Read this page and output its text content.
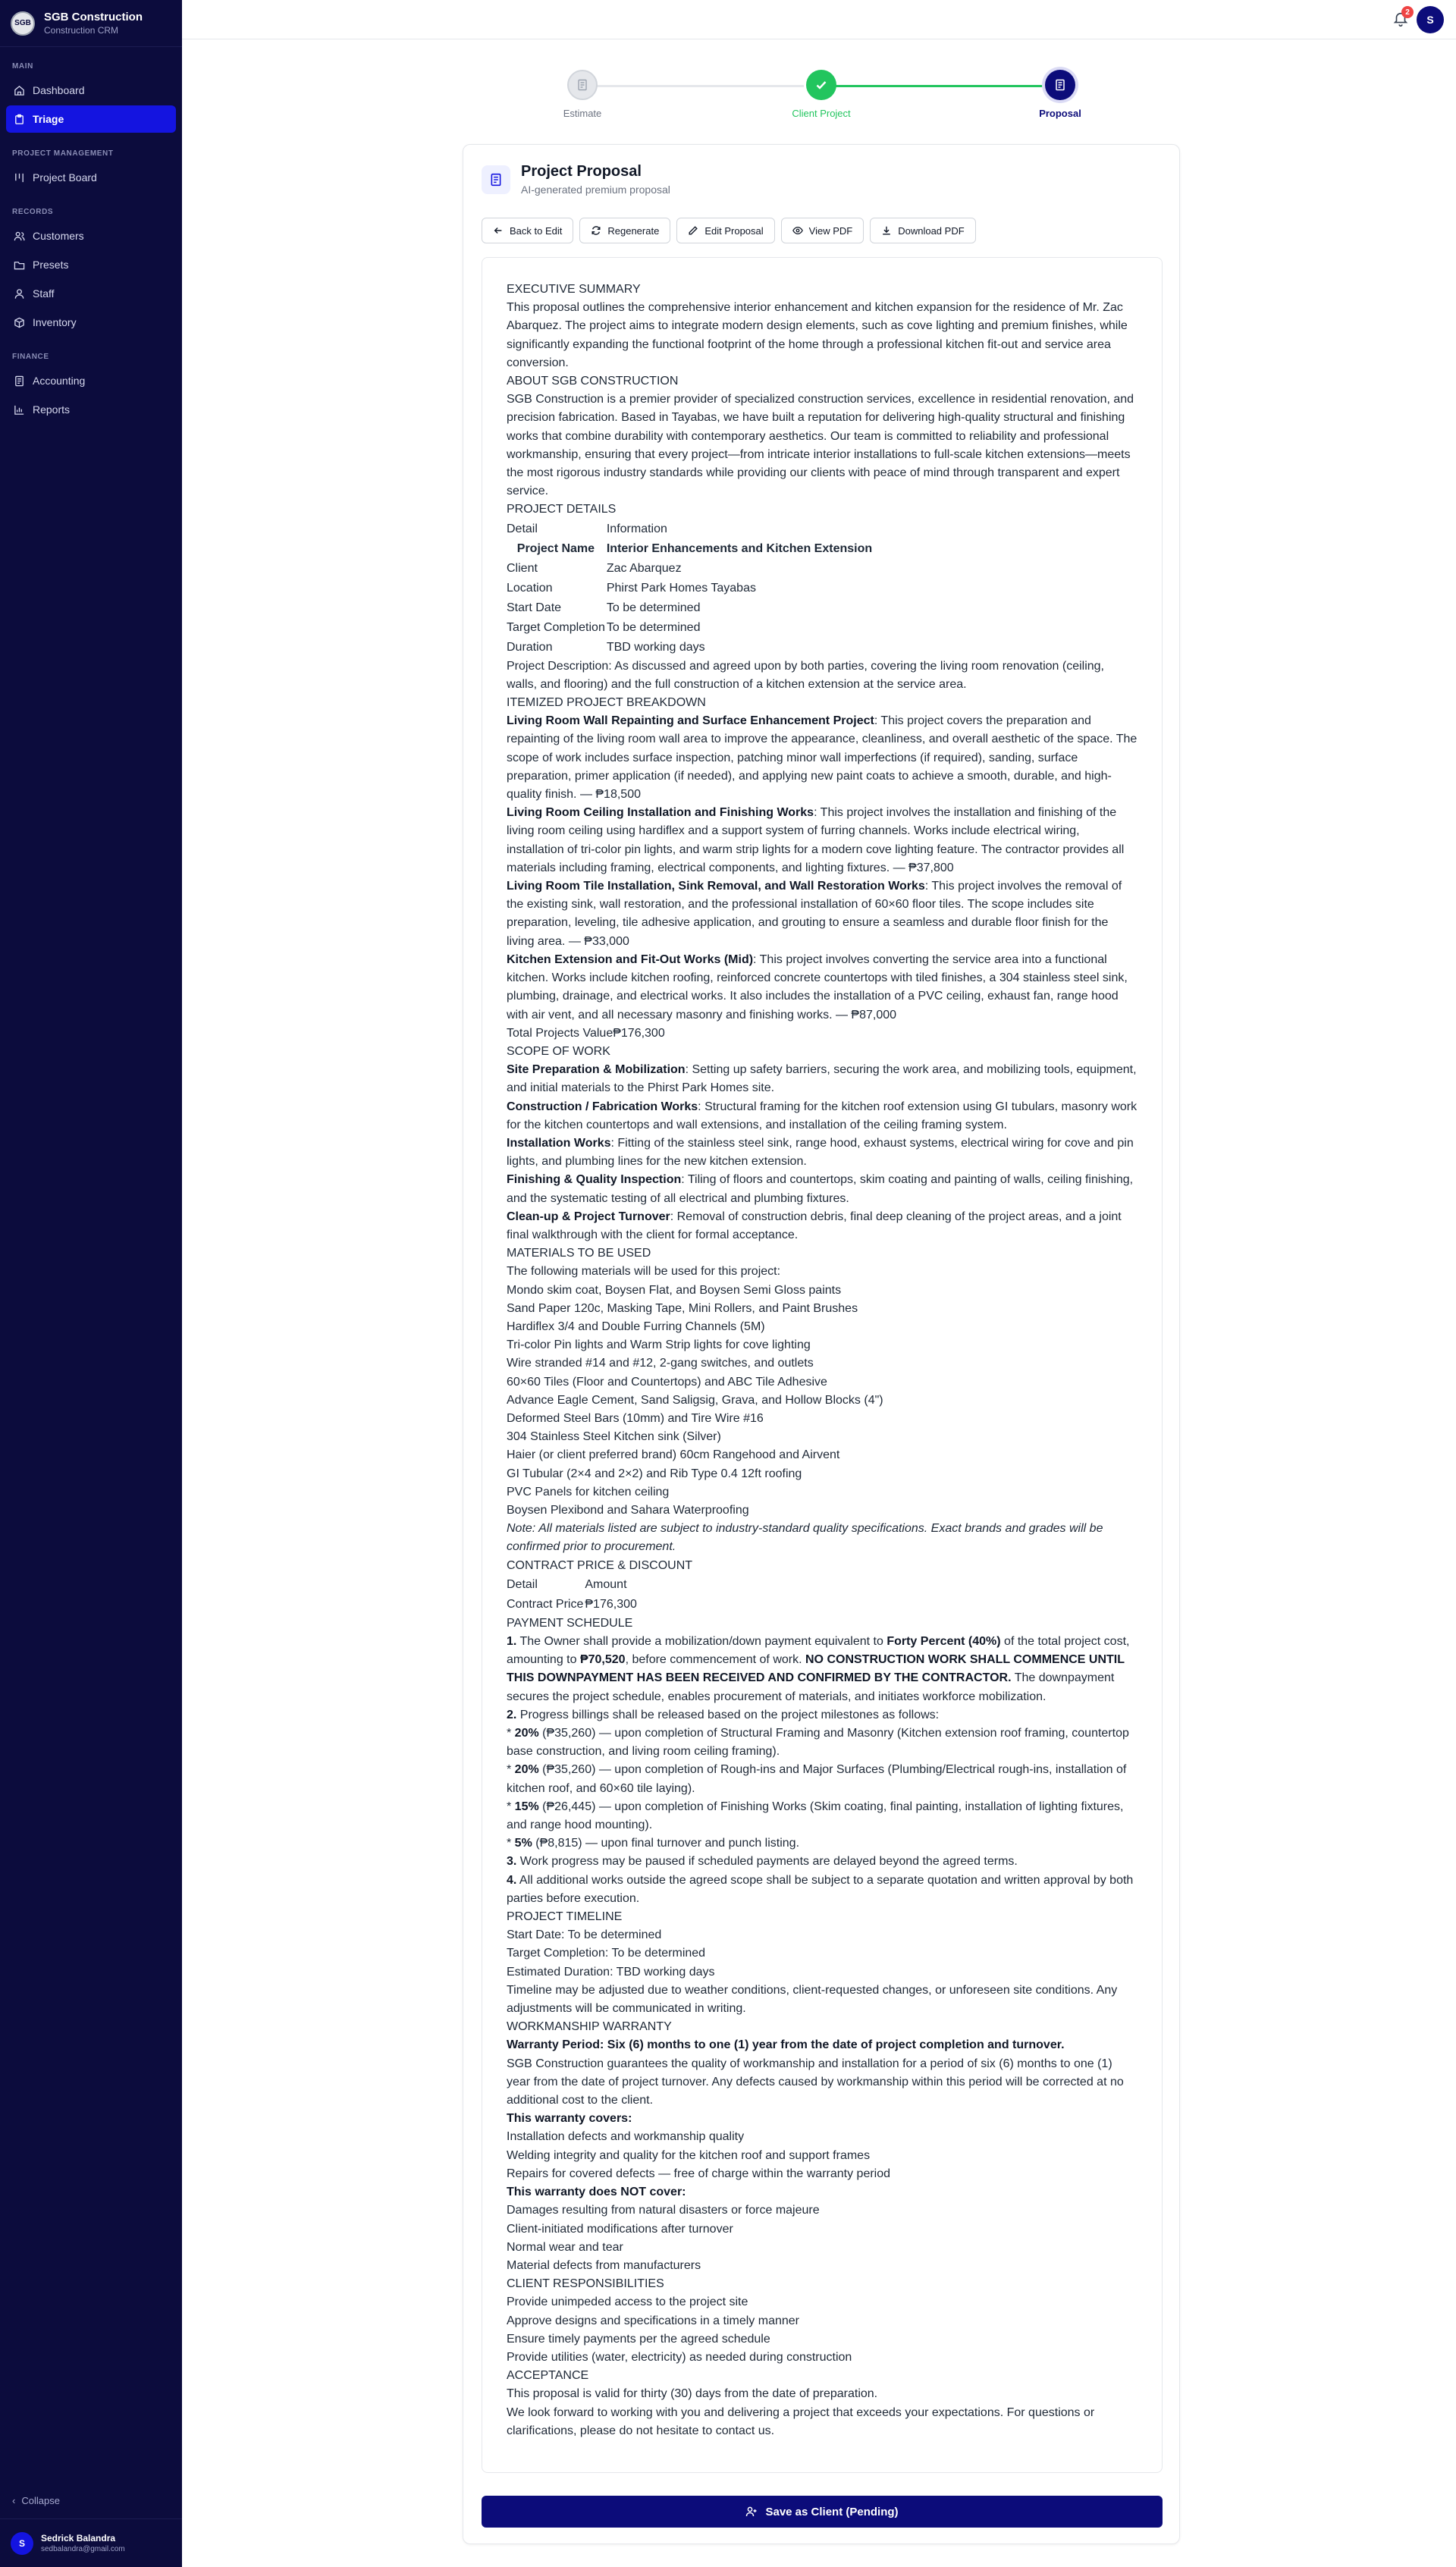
SGB	SGB Construction
Construction CRM
MAIN
Dashboard
Triage
PROJECT MANAGEMENT
Project Board
RECORDS
Customers
Presets
Staff
Inventory
FINANCE
Accounting
Reports
‹ Collapse
S	Sedrick Balandra
sedbalandra@gmail.com
2
S
Estimate	Client Project	Proposal
Project Proposal
AI-generated premium proposal
Back to Edit	Regenerate	Edit Proposal	View PDF	Download PDF

EXECUTIVE SUMMARY

This proposal outlines the comprehensive interior enhancement and kitchen expansion for the residence of Mr. Zac Abarquez. The project aims to integrate modern design elements, such as cove lighting and premium finishes, while significantly expanding the functional footprint of the home through a professional kitchen fit-out and service area conversion.

ABOUT SGB CONSTRUCTION

SGB Construction is a premier provider of specialized construction services, excellence in residential renovation, and precision fabrication. Based in Tayabas, we have built a reputation for delivering high-quality structural and finishing works that combine durability with contemporary aesthetics. Our team is committed to reliability and professional workmanship, ensuring that every project—from intricate interior installations to full-scale kitchen extensions—meets the most rigorous industry standards while providing our clients with peace of mind through transparent and expert service.

PROJECT DETAILS

Detail	Information
Project Name	Interior Enhancements and Kitchen Extension
Client	Zac Abarquez
Location	Phirst Park Homes Tayabas
Start Date	To be determined
Target Completion	To be determined
Duration	TBD working days

Project Description: As discussed and agreed upon by both parties, covering the living room renovation (ceiling, walls, and flooring) and the full construction of a kitchen extension at the service area.

ITEMIZED PROJECT BREAKDOWN

Living Room Wall Repainting and Surface Enhancement Project: This project covers the preparation and repainting of the living room wall area to improve the appearance, cleanliness, and overall aesthetic of the space. The scope of work includes surface inspection, patching minor wall imperfections (if required), sanding, surface preparation, primer application (if needed), and applying new paint coats to achieve a smooth, durable, and high-quality finish. — ₱18,500

Living Room Ceiling Installation and Finishing Works: This project involves the installation and finishing of the living room ceiling using hardiflex and a support system of furring channels. Works include electrical wiring, installation of tri-color pin lights, and warm strip lights for a modern cove lighting feature. The contractor provides all materials including framing, electrical components, and lighting fixtures. — ₱37,800

Living Room Tile Installation, Sink Removal, and Wall Restoration Works: This project involves the removal of the existing sink, wall restoration, and the professional installation of 60×60 floor tiles. The scope includes site preparation, leveling, tile adhesive application, and grouting to ensure a seamless and durable floor finish for the living area. — ₱33,000

Kitchen Extension and Fit-Out Works (Mid): This project involves converting the service area into a functional kitchen. Works include kitchen roofing, reinforced concrete countertops with tiled finishes, a 304 stainless steel sink, plumbing, drainage, and electrical works. It also includes the installation of a PVC ceiling, exhaust fan, range hood with air vent, and all necessary masonry and finishing works. — ₱87,000

Total Projects Value₱176,300

SCOPE OF WORK

Site Preparation & Mobilization: Setting up safety barriers, securing the work area, and mobilizing tools, equipment, and initial materials to the Phirst Park Homes site.

Construction / Fabrication Works: Structural framing for the kitchen roof extension using GI tubulars, masonry work for the kitchen countertops and wall extensions, and installation of the ceiling framing system.

Installation Works: Fitting of the stainless steel sink, range hood, exhaust systems, electrical wiring for cove and pin lights, and plumbing lines for the new kitchen extension.

Finishing & Quality Inspection: Tiling of floors and countertops, skim coating and painting of walls, ceiling finishing, and the systematic testing of all electrical and plumbing fixtures.

Clean-up & Project Turnover: Removal of construction debris, final deep cleaning of the project areas, and a joint final walkthrough with the client for formal acceptance.

MATERIALS TO BE USED

The following materials will be used for this project:

Mondo skim coat, Boysen Flat, and Boysen Semi Gloss paints

Sand Paper 120c, Masking Tape, Mini Rollers, and Paint Brushes

Hardiflex 3/4 and Double Furring Channels (5M)

Tri-color Pin lights and Warm Strip lights for cove lighting

Wire stranded #14 and #12, 2-gang switches, and outlets

60×60 Tiles (Floor and Countertops) and ABC Tile Adhesive

Advance Eagle Cement, Sand Saligsig, Grava, and Hollow Blocks (4")

Deformed Steel Bars (10mm) and Tire Wire #16

304 Stainless Steel Kitchen sink (Silver)

Haier (or client preferred brand) 60cm Rangehood and Airvent

GI Tubular (2×4 and 2×2) and Rib Type 0.4 12ft roofing

PVC Panels for kitchen ceiling

Boysen Plexibond and Sahara Waterproofing

Note: All materials listed are subject to industry-standard quality specifications. Exact brands and grades will be confirmed prior to procurement.

CONTRACT PRICE & DISCOUNT

Detail	Amount
Contract Price	₱176,300

PAYMENT SCHEDULE

1. The Owner shall provide a mobilization/down payment equivalent to Forty Percent (40%) of the total project cost, amounting to ₱70,520, before commencement of work. NO CONSTRUCTION WORK SHALL COMMENCE UNTIL THIS DOWNPAYMENT HAS BEEN RECEIVED AND CONFIRMED BY THE CONTRACTOR. The downpayment secures the project schedule, enables procurement of materials, and initiates workforce mobilization.

2. Progress billings shall be released based on the project milestones as follows:

* 20% (₱35,260) — upon completion of Structural Framing and Masonry (Kitchen extension roof framing, countertop base construction, and living room ceiling framing).

* 20% (₱35,260) — upon completion of Rough-ins and Major Surfaces (Plumbing/Electrical rough-ins, installation of kitchen roof, and 60×60 tile laying).

* 15% (₱26,445) — upon completion of Finishing Works (Skim coating, final painting, installation of lighting fixtures, and range hood mounting).

* 5% (₱8,815) — upon final turnover and punch listing.

3. Work progress may be paused if scheduled payments are delayed beyond the agreed terms.

4. All additional works outside the agreed scope shall be subject to a separate quotation and written approval by both parties before execution.

PROJECT TIMELINE

Start Date: To be determined

Target Completion: To be determined

Estimated Duration: TBD working days

Timeline may be adjusted due to weather conditions, client-requested changes, or unforeseen site conditions. Any adjustments will be communicated in writing.

WORKMANSHIP WARRANTY

Warranty Period: Six (6) months to one (1) year from the date of project completion and turnover.

SGB Construction guarantees the quality of workmanship and installation for a period of six (6) months to one (1) year from the date of project turnover. Any defects caused by workmanship within this period will be corrected at no additional cost to the client.

This warranty covers:

Installation defects and workmanship quality

Welding integrity and quality for the kitchen roof and support frames

Repairs for covered defects — free of charge within the warranty period

This warranty does NOT cover:

Damages resulting from natural disasters or force majeure

Client-initiated modifications after turnover

Normal wear and tear

Material defects from manufacturers

CLIENT RESPONSIBILITIES

Provide unimpeded access to the project site

Approve designs and specifications in a timely manner

Ensure timely payments per the agreed schedule

Provide utilities (water, electricity) as needed during construction

ACCEPTANCE

This proposal is valid for thirty (30) days from the date of preparation.

We look forward to working with you and delivering a project that exceeds your expectations. For questions or clarifications, please do not hesitate to contact us.

Save as Client (Pending)
